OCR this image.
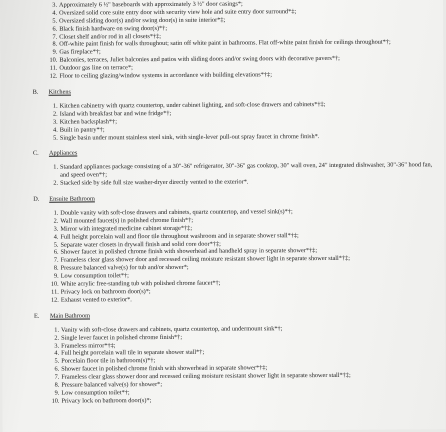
3. Approximately 6 ½" baseboards with approximately 3 ½" door casings*;
4. Oversized solid core suite entry door with security view hole and suite entry door surround*‡;
5. Oversized sliding door(s) and/or swing door(s) in suite interior*‡;
6. Black finish hardware on swing door(s)*†;
7. Closet shelf and/or rod in all closets*†‡;
8. Off-white paint finish for walls throughout; satin off white paint in bathrooms. Flat off-white paint finish for ceilings throughout*†;
9. Gas fireplace*†;
10. Balconies, terraces, Juliet balconies and patios with sliding doors and/or swing doors with decorative pavers*†;
11. Outdoor gas line on terrace*;
12. Floor to ceiling glazing/window systems in accordance with building elevations*†‡;
B. Kitchens
1. Kitchen cabinetry with quartz countertop, under cabinet lighting, and soft-close drawers and cabinets*†‡;
2. Island with breakfast bar and wine fridge*†;
3. Kitchen backsplash*†;
4. Built in pantry*†;
5. Single basin under mount stainless steel sink, with single-lever pull-out spray faucet in chrome finish*.
C. Appliances
1. Standard appliances package consisting of a 30"-36" refrigerator, 30"-36" gas cooktop, 30" wall oven, 24" integrated dishwasher, 30"-36" hood fan, and speed oven*†;
2. Stacked side by side full size washer-dryer directly vented to the exterior*.
D. Ensuite Bathroom
1. Double vanity with soft-close drawers and cabinets, quartz countertop, and vessel sink(s)*†;
2. Wall mounted faucet(s) in polished chrome finish*†;
3. Mirror with integrated medicine cabinet storage*†‡;
4. Full height porcelain wall and floor tile throughout washroom and in separate shower stall*†‡;
5. Separate water closets in drywall finish and solid core door*†‡;
6. Shower faucet in polished chrome finish with showerhead and handheld spray in separate shower*†‡;
7. Frameless clear glass shower door and recessed ceiling moisture resistant shower light in separate shower stall*†‡;
8. Pressure balanced valve(s) for tub and/or shower*;
9. Low consumption toilet*†;
10. White acrylic free-standing tub with polished chrome faucet*†;
11. Privacy lock on bathroom door(s)*;
12. Exhaust vented to exterior*.
E. Main Bathroom
1. Vanity with soft-close drawers and cabinets, quartz countertop, and undermount sink*†;
2. Single lever faucet in polished chrome finish*†;
3. Frameless mirror*†‡;
4. Full height porcelain wall tile in separate shower stall*†;
5. Porcelain floor tile in bathroom(s)*†;
6. Shower faucet in polished chrome finish with showerhead in separate shower*†‡;
7. Frameless clear glass shower door and recessed ceiling moisture resistant shower light in separate shower stall*†‡;
8. Pressure balanced valve(s) for shower*;
9. Low consumption toilet*†;
10. Privacy lock on bathroom door(s)*;
